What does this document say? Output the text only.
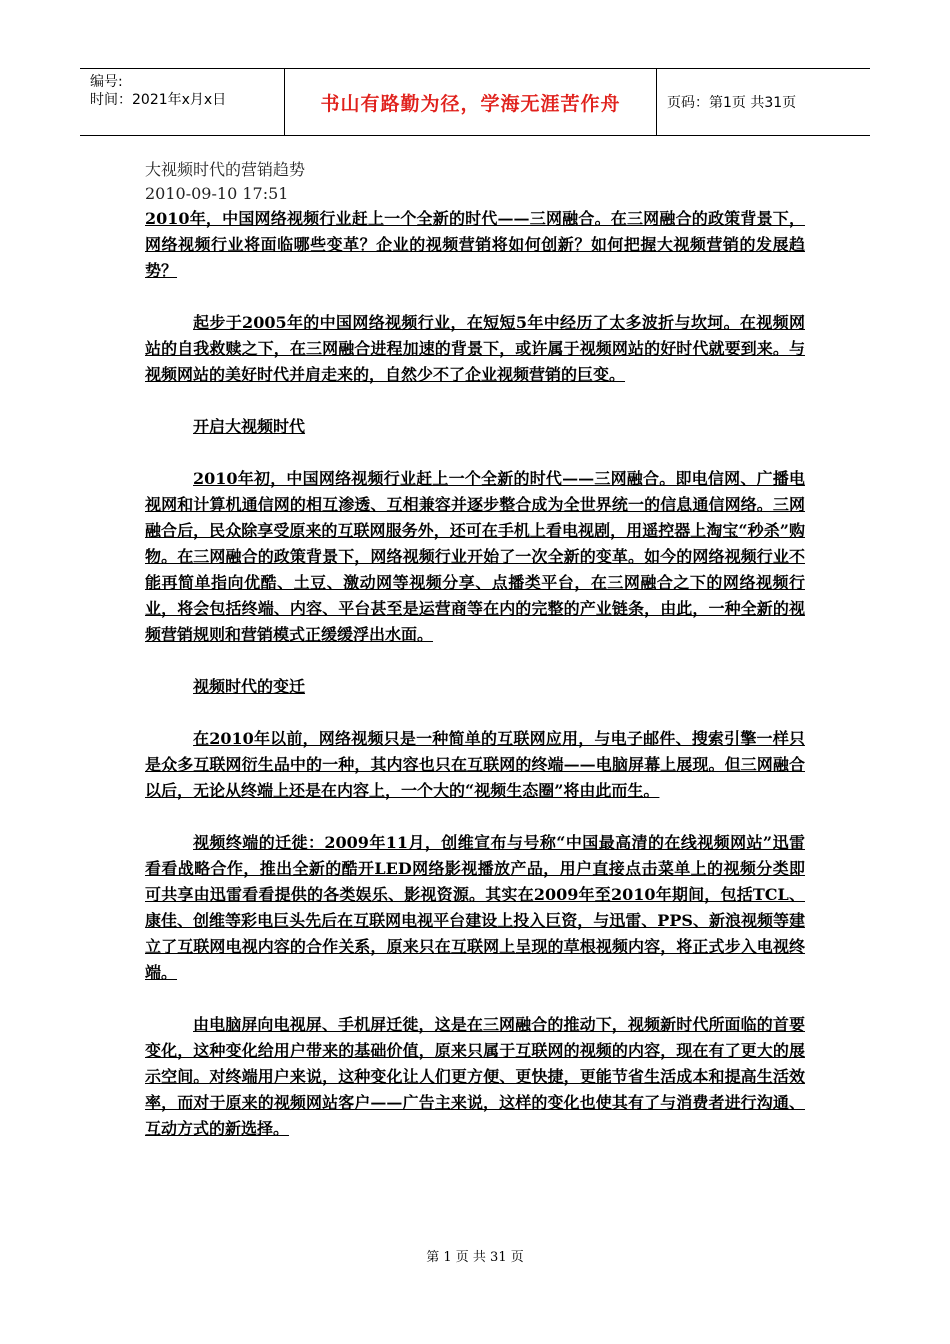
编号:
时间：2021年x月x日	书山有路勤为径，学海无涯苦作舟	页码：第1页 共31页
大视频时代的营销趋势
2010-09-10 17:51

2010年，中国网络视频行业赶上一个全新的时代——三网融合。在三网融合的政策背景下，网络视频行业将面临哪些变革？企业的视频营销将如何创新？如何把握大视频营销的发展趋势？

起步于2005年的中国网络视频行业，在短短5年中经历了太多波折与坎坷。在视频网站的自我救赎之下，在三网融合进程加速的背景下，或许属于视频网站的好时代就要到来。与视频网站的美好时代并肩走来的，自然少不了企业视频营销的巨变。

开启大视频时代

2010年初，中国网络视频行业赶上一个全新的时代——三网融合。即电信网、广播电视网和计算机通信网的相互渗透、互相兼容并逐步整合成为全世界统一的信息通信网络。三网融合后，民众除享受原来的互联网服务外，还可在手机上看电视剧，用遥控器上淘宝“秒杀”购物。在三网融合的政策背景下，网络视频行业开始了一次全新的变革。如今的网络视频行业不能再简单指向优酷、土豆、激动网等视频分享、点播类平台，在三网融合之下的网络视频行业，将会包括终端、内容、平台甚至是运营商等在内的完整的产业链条，由此，一种全新的视频营销规则和营销模式正缓缓浮出水面。

视频时代的变迁

在2010年以前，网络视频只是一种简单的互联网应用，与电子邮件、搜索引擎一样只是众多互联网衍生品中的一种，其内容也只在互联网的终端——电脑屏幕上展现。但三网融合以后，无论从终端上还是在内容上，一个大的“视频生态圈”将由此而生。

视频终端的迁徙：2009年11月，创维宣布与号称“中国最高清的在线视频网站”迅雷看看战略合作，推出全新的酷开LED网络影视播放产品，用户直接点击菜单上的视频分类即可共享由迅雷看看提供的各类娱乐、影视资源。其实在2009年至2010年期间，包括TCL、康佳、创维等彩电巨头先后在互联网电视平台建设上投入巨资，与迅雷、PPS、新浪视频等建立了互联网电视内容的合作关系，原来只在互联网上呈现的草根视频内容，将正式步入电视终端。

由电脑屏向电视屏、手机屏迁徙，这是在三网融合的推动下，视频新时代所面临的首要变化，这种变化给用户带来的基础价值，原来只属于互联网的视频的内容，现在有了更大的展示空间。对终端用户来说，这种变化让人们更方便、更快捷，更能节省生活成本和提高生活效率，而对于原来的视频网站客户——广告主来说，这样的变化也使其有了与消费者进行沟通、互动方式的新选择。

第 1 页 共 31 页
